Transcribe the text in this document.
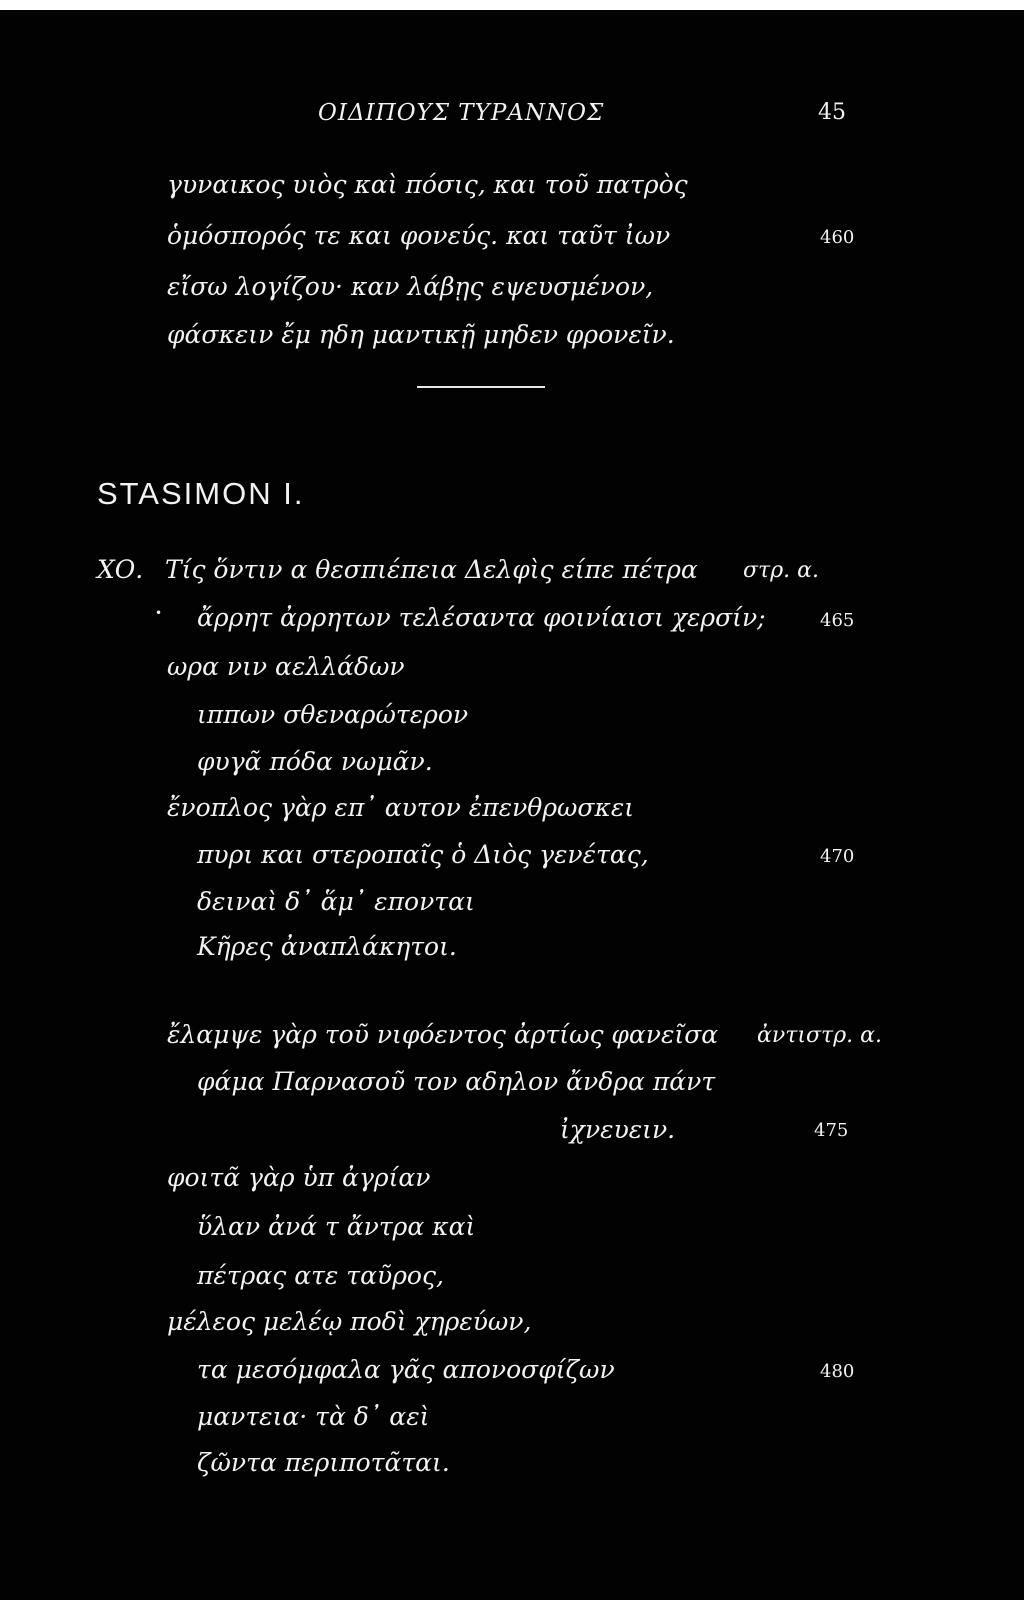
ΟΙΔΙΠΟΥΣ ΤΥΡΑΝΝΟΣ	45
γυναικος υιὸς καὶ πόσις, και τοῦ πατρὸς
ὁμόσπορός τε και φονεύς. και ταῦτ ἰων	460
εἴσω λογίζου· καν λάβῃς εψευσμένον,
φάσκειν ἔμ ηδη μαντικῇ μηδεν φρονεῖν.
STASIMON I.
ΧΟ.	στρ. α.
•
Τίς ὅντιν α θεσπιέπεια Δελφὶς είπε πέτρα
ἄρρητ ἀρρητων τελέσαντα φοινίαισι χερσίν;	465
ωρα νιν αελλάδων
ιππων σθεναρώτερον
φυγᾶ πόδα νωμᾶν.
ἔνοπλος γὰρ επ᾽ αυτον ἐπενθρωσκει
πυρι και στεροπαῖς ὁ Διὸς γενέτας,	470
δειναὶ δ᾽ ἅμ᾽ επονται
Κῆρες ἀναπλάκητοι.
ἔλαμψε γὰρ τοῦ νιφόεντος ἀρτίως φανεῖσα ἀντιστρ. α.
φάμα Παρνασοῦ τον αδηλον ἄνδρα πάντ
ἰχνευειν.	475
φοιτᾶ γὰρ ὑπ ἀγρίαν
ὕλαν ἀνά τ ἄντρα καὶ
πέτρας ατε ταῦρος,
μέλεος μελέῳ ποδὶ χηρεύων,
τα μεσόμφαλα γᾶς απονοσφίζων	480
μαντεια· τὰ δ᾽ αεὶ
ζῶντα περιποτᾶται.
